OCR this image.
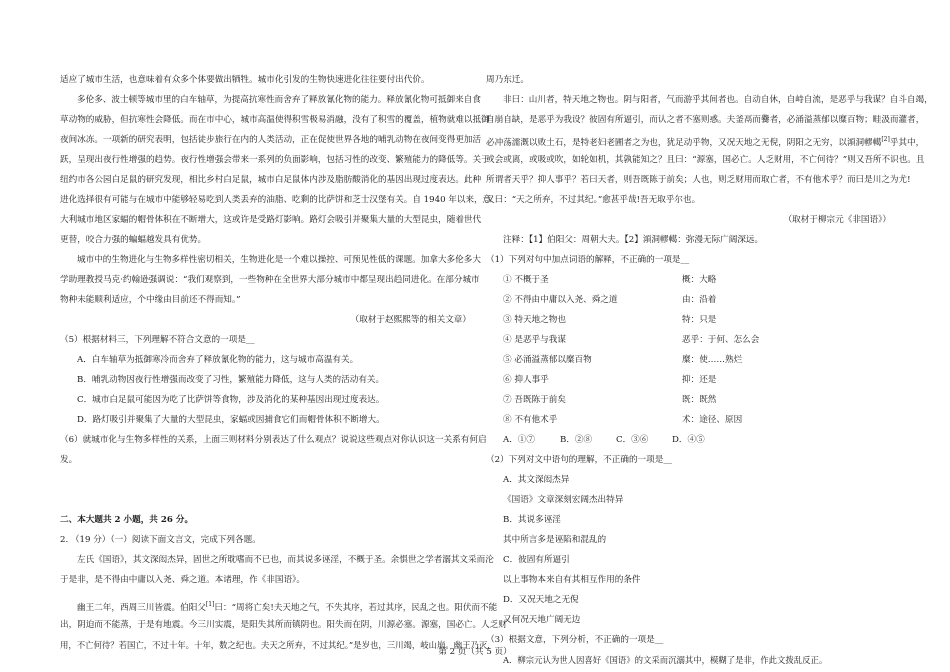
适应了城市生活，也意味着有众多个体要做出牺牲。城市化引发的生物快速进化往往要付出代价。
多伦多、波士顿等城市里的白车轴草，为提高抗寒性而舍弃了释放氰化物的能力。释放氰化物可抵御来自食
草动物的威胁，但抗寒性会降低。而在市中心，城市高温使得积雪极易消融，没有了积雪的覆盖，植物就难以抵御
夜间冰冻。一项新的研究表明，包括徒步旅行在内的人类活动，正在促使世界各地的哺乳动物在夜间变得更加活
跃，呈现出夜行性增强的趋势。夜行性增强会带来一系列的负面影响，包括习性的改变、繁殖能力的降低等。关于
纽约市各公园白足鼠的研究发现，相比乡村白足鼠，城市白足鼠体内涉及脂肪酸消化的基因出现过度表达。此种
进化选择很有可能与在城市中能够轻易吃到人类丢弃的油脂、吃剩的比萨饼和芝士汉堡有关。自 1940 年以来，意
大利城市地区家蝠的帽骨体积在不断增大，这或许是受路灯影响。路灯会吸引并聚集大量的大型昆虫，随着世代
更替，咬合力强的蝙蝠越发具有优势。
城市中的生物进化与生物多样性密切相关，生物进化是一个难以操控、可预见性低的课题。加拿大多伦多大
学助理教授马克·约翰逊强调说：“我们观察到，一些物种在全世界大部分城市中都呈现出趋同进化。在部分城市
物种未能顺利适应，个中缘由目前还不得而知。”
（取材于赵熙熙等的相关文章）
（5）根据材料三，下列理解不符合文意的一项是__
A．白车轴草为抵御寒冷而舍弃了释放氰化物的能力，这与城市高温有关。
B．哺乳动物因夜行性增强而改变了习性，繁殖能力降低，这与人类的活动有关。
C．城市白足鼠可能因为吃了比萨饼等食物，涉及消化的某种基因出现过度表达。
D．路灯吸引并聚集了大量的大型昆虫，家蝠或因捕食它们而帽骨体积不断增大。
（6）就城市化与生物多样性的关系，上面三则材料分别表达了什么观点？说说这些观点对你认识这一关系有何启
发。
二、本大题共 2 小题，共 26 分。
2. （19 分）（一）阅读下面文言文，完成下列各题。
左氏《国语》，其文深闳杰异，固世之所耽嗜而不已也，而其说多诬淫，不概于圣。余惧世之学者溺其文采而沦
于是非，是不得由中庸以入尧、舜之道。本诸理，作《非国语》。
幽王二年，西周三川皆震。伯阳父[1]曰：“周将亡矣!夫天地之气，不失其序，若过其序，民乱之也。阳伏而不能
出，阴迫而不能蒸，于是有地震。今三川实震，是阳失其所而镇阴也。阳失而在阴，川源必塞。源塞，国必亡。人乏财
用，不亡何待？若国亡，不过十年。十年，数之纪也。夫天之所弃，不过其纪。”是岁也，三川竭，岐山崩。幽王乃灭，
周乃东迁。
非曰：山川者，特天地之物也。阴与阳者，气而游乎其间者也。自动自休，自峙自流，是恶乎与我谋？自斗自竭，
自崩自缺，是恶乎为我设？彼固有所逼引，而认之者不塞则惑。夫釜鬲而爨者，必涌溢蒸郁以糜百物；畦汲而灌者，
必冲荡濡溉以败土石，是特老妇老圃者之为也，犹足动乎物，又况天地之无倪，阴阳之无穷，以澒洞轇轕[2]乎其中，
或会或离，或吸或吹，如轮如机，其孰能知之？且曰：“源塞，国必亡。人乏财用，不亡何待？”则又吾所不识也。且
所谓者天乎？抑人事乎？若曰天者，则吾既陈于前矣；人也，则乏财用而取亡者，不有他术乎？而曰是川之为尤!
又曰：“天之所弃，不过其纪。”愈甚乎哉!吾无取乎尔也。
（取材于柳宗元《非国语》）
注释：【1】伯阳父：周朝大夫。【2】澒洞轇轕：弥漫无际广阔深远。
（1）下列对句中加点词语的解释，不正确的一项是__
① 不概于圣	概：大略
② 不得由中庸以入尧、舜之道	由：沿着
③ 特天地之物也	特：只是
④ 是恶乎与我谋	恶乎：于何、怎么会
⑤ 必涌溢蒸郁以糜百物	糜：使……熟烂
⑥ 抑人事乎	抑：还是
⑦ 吾既陈于前矣	既：既然
⑧ 不有他术乎	术：途径、原因
A．①⑦	B．②⑧	C．③⑥	D．④⑤
（2）下列对文中语句的理解，不正确的一项是__
A．其文深闳杰异
《国语》文章深刻宏阔杰出特异
B．其说多诬淫
其中所言多是诬陷和混乱的
C．彼固有所逼引
以上事物本来自有其相互作用的条件
D．又况天地之无倪
又何况天地广阔无边
（3）根据文意，下列分析，不正确的一项是__
A．柳宗元认为世人因喜好《国语》的文采而沉溺其中，模糊了是非，作此文拨乱反正。
第 2 页（共 5 页）
